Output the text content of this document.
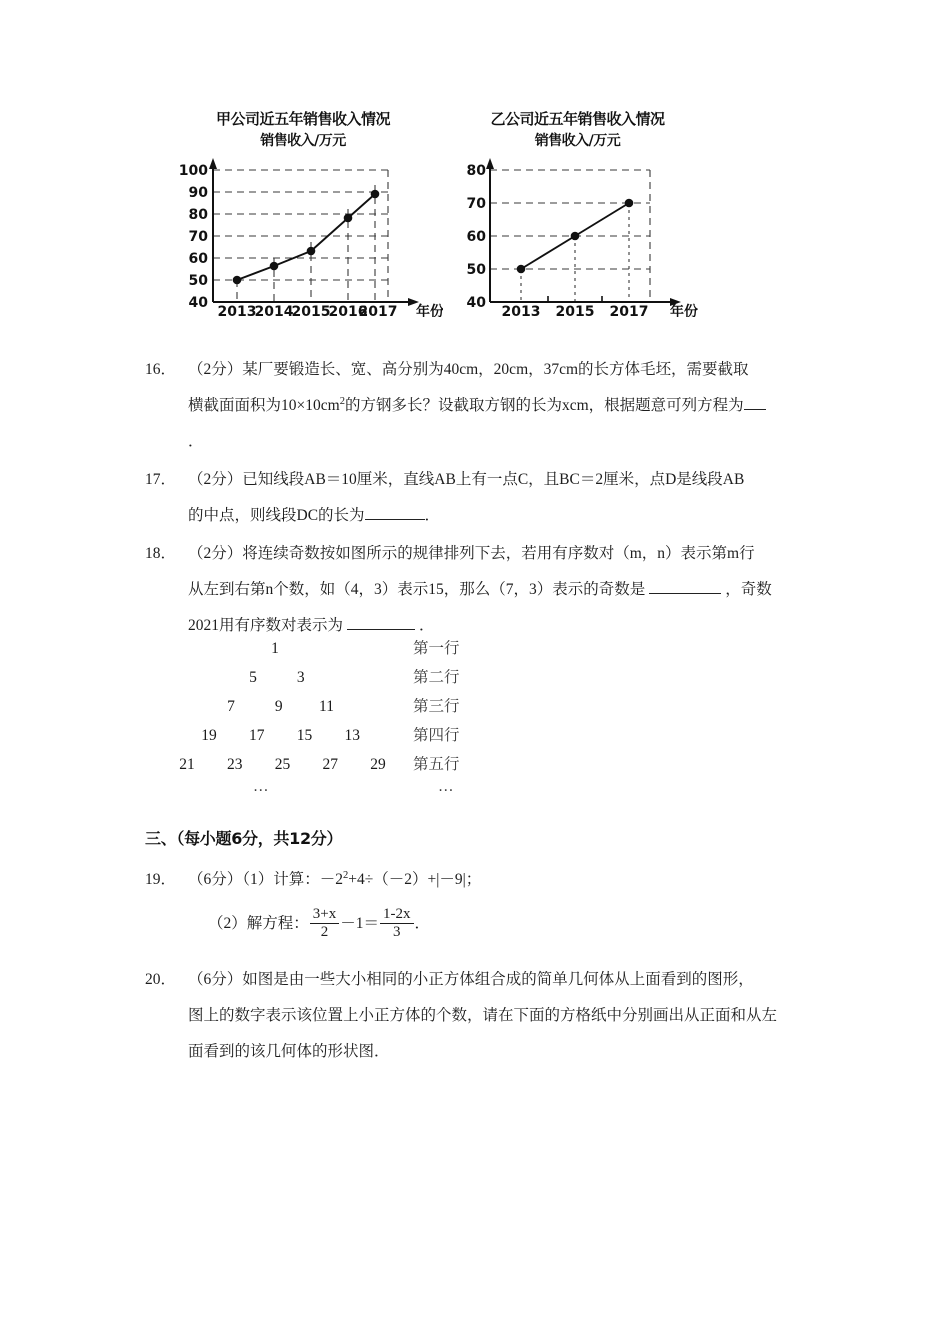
甲公司近五年销售收入情况
销售收入/万元
100
90
80
70
60
50
40
2013
2014
2015
2016
2017 年份
乙公司近五年销售收入情况
销售收入/万元
80
70
60
50
40
2013 2015 2017 年份
16． （2分）某厂要锻造长、宽、高分别为40cm，20cm，37cm的长方体毛坯，需要截取
横截面面积为$10\times 10cm^2$的方钢多长？设截取方钢的长为xcm，根据题意可列方程为
．
17． （2分）已知线段AB＝10厘米，直线AB上有一点C，且BC＝2厘米，点D是线段AB
的中点，则线段DC的长为	．
18． （2分）将连续奇数按如图所示的规律排列下去，若用有序数对（m，n）表示第m行
从左到右第n个数，如（4，3）表示15，那么（7，3）表示的奇数是	，奇数
2021用有序数对表示为	．
1	第一行
5	3	第二行
7	9 11	第三行
19 17 15 13	第四行
21 23 25 27 29	第五行
…	…
三、（每小题6分，共12分）
19． （6分）（1）计算：$-2^2+4\div(-2)+|-9|$；
（2）解方程： $\frac{3+x}{2} -1= \frac{1-2x}{3}$ ．
20． （6分）如图是由一些大小相同的小正方体组合成的简单几何体从上面看到的图形，
图上的数字表示该位置上小正方体的个数，请在下面的方格纸中分别画出从正面和从左
面看到的该几何体的形状图．
